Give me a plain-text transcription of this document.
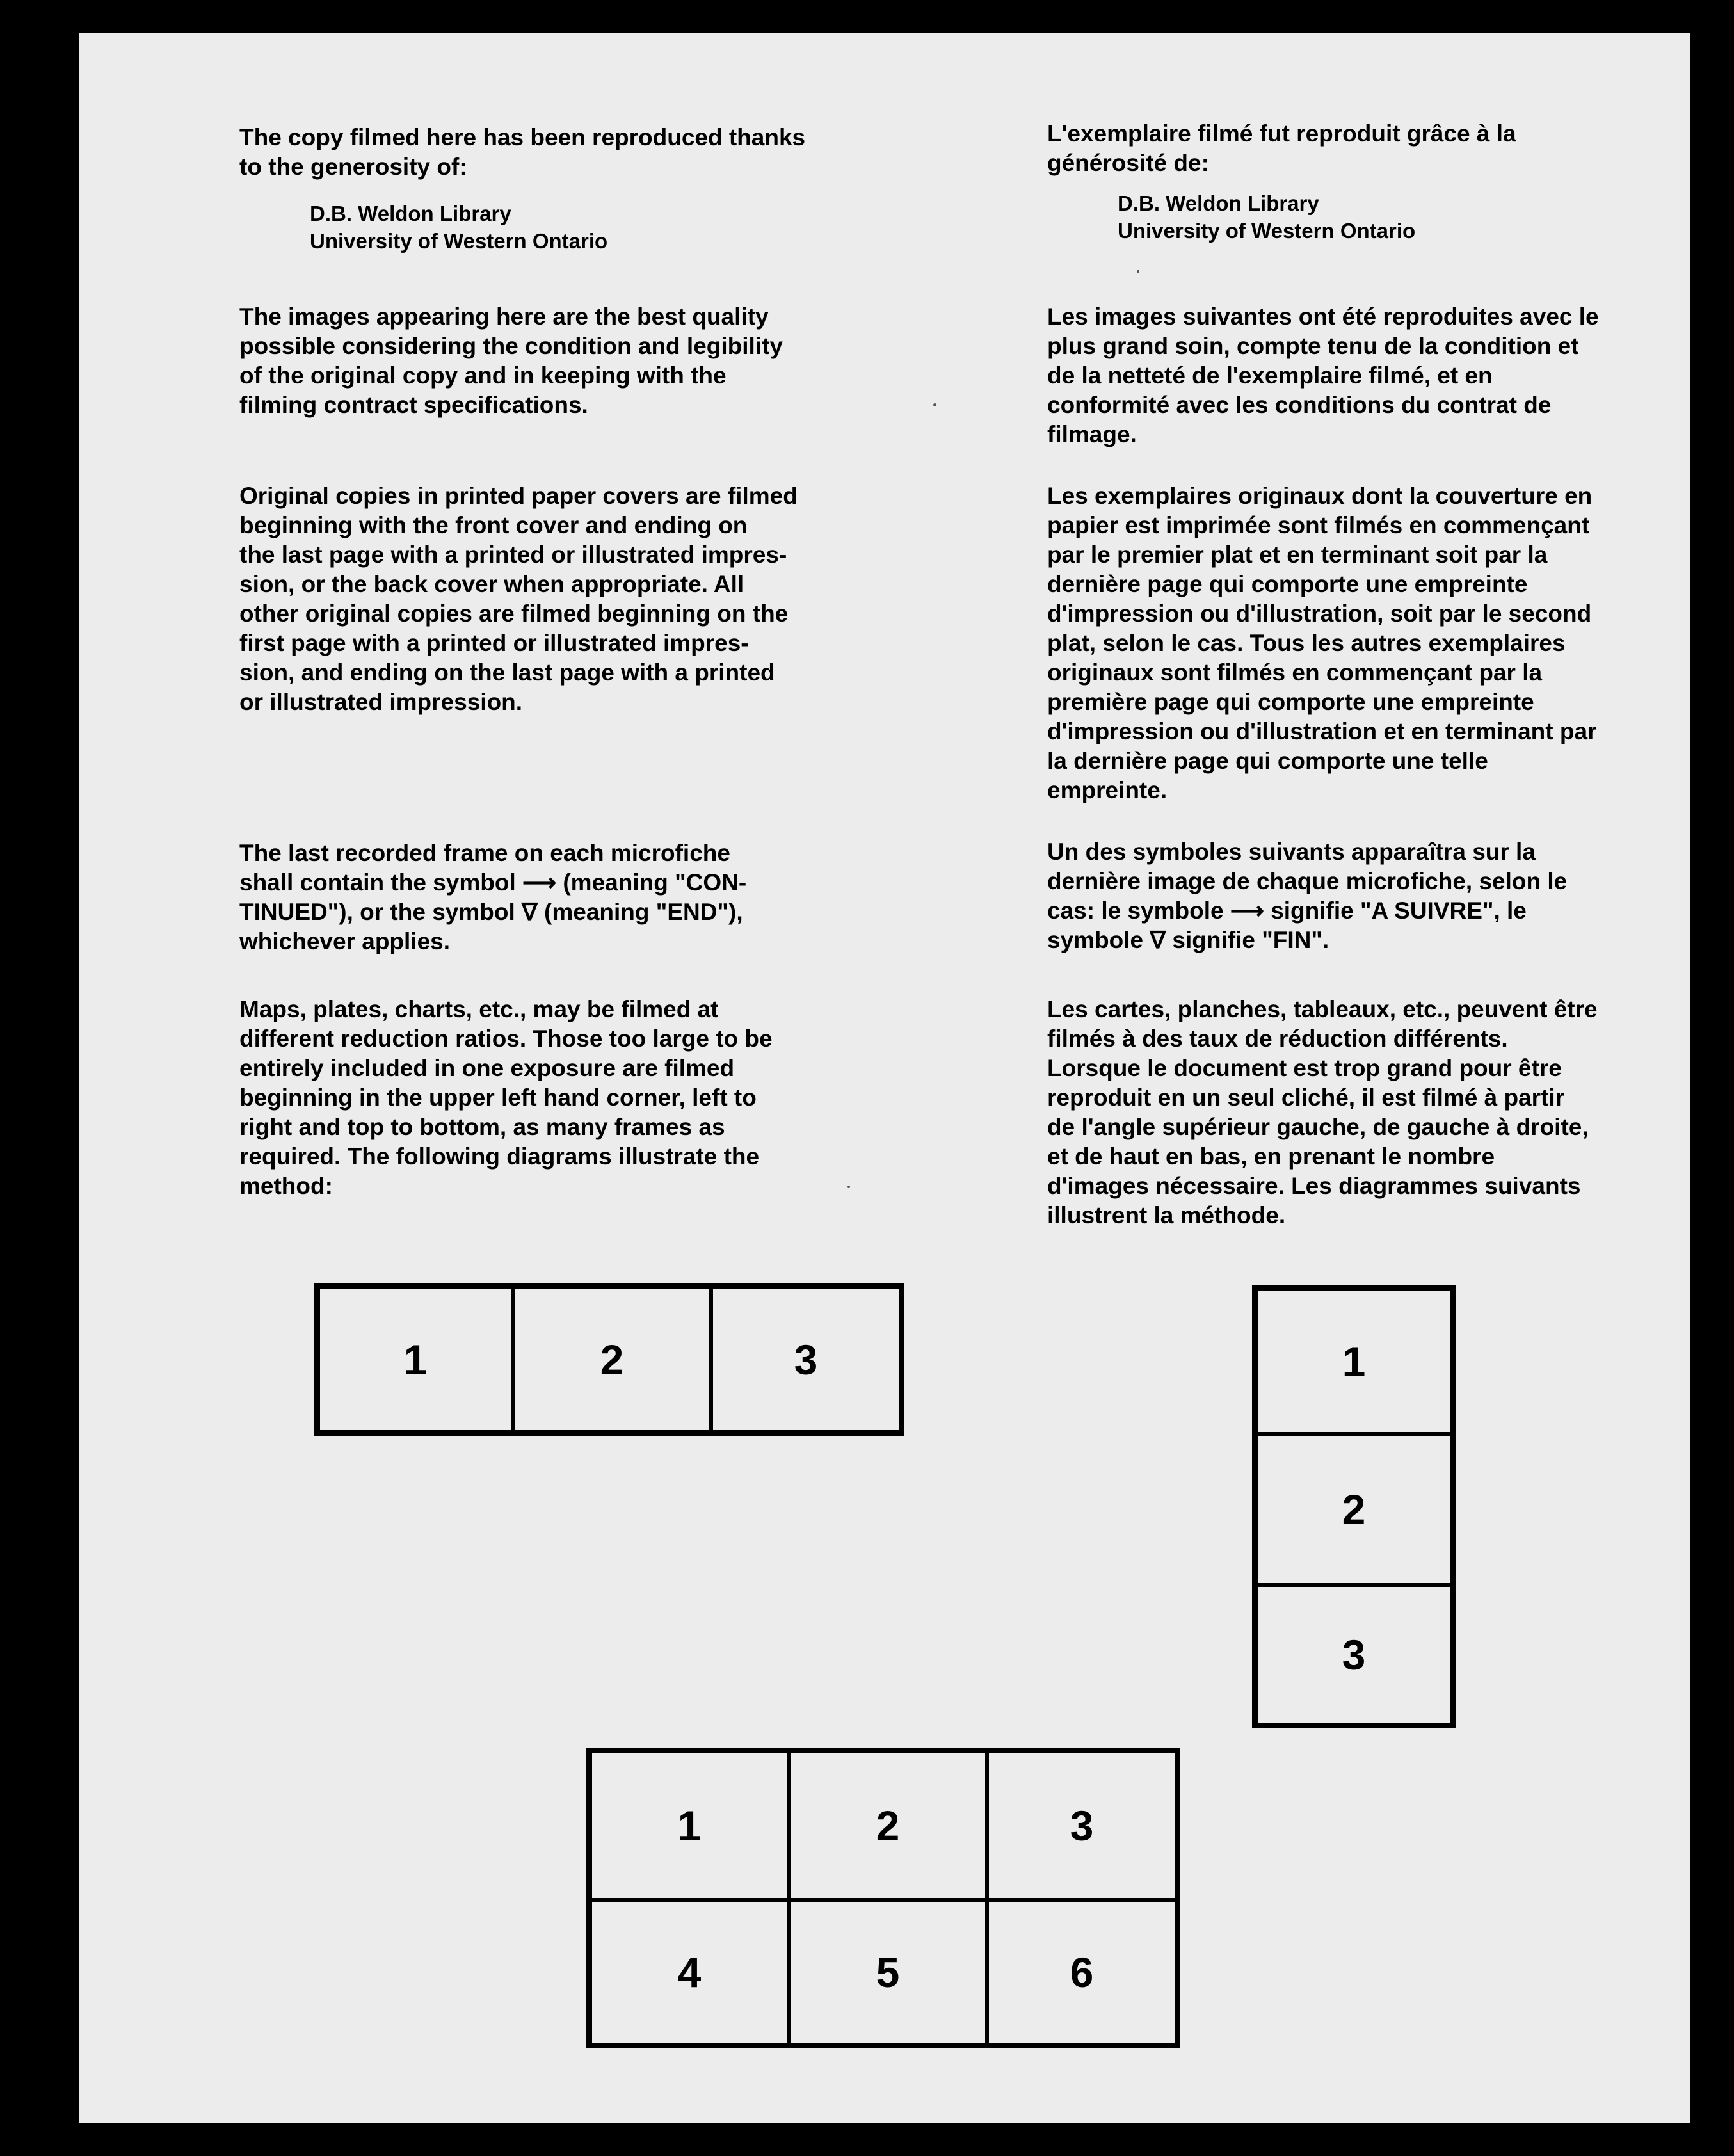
The copy filmed here has been reproduced thanks
to the generosity of:

D.B. Weldon Library
University of Western Ontario

The images appearing here are the best quality
possible considering the condition and legibility
of the original copy and in keeping with the
filming contract specifications.

Original copies in printed paper covers are filmed
beginning with the front cover and ending on
the last page with a printed or illustrated impres-
sion, or the back cover when appropriate. All
other original copies are filmed beginning on the
first page with a printed or illustrated impres-
sion, and ending on the last page with a printed
or illustrated impression.

The last recorded frame on each microfiche
shall contain the symbol ⟶ (meaning "CON-
TINUED"), or the symbol ∇ (meaning "END"),
whichever applies.

Maps, plates, charts, etc., may be filmed at
different reduction ratios. Those too large to be
entirely included in one exposure are filmed
beginning in the upper left hand corner, left to
right and top to bottom, as many frames as
required. The following diagrams illustrate the
method:

L'exemplaire filmé fut reproduit grâce à la
générosité de:

D.B. Weldon Library
University of Western Ontario

Les images suivantes ont été reproduites avec le
plus grand soin, compte tenu de la condition et
de la netteté de l'exemplaire filmé, et en
conformité avec les conditions du contrat de
filmage.

Les exemplaires originaux dont la couverture en
papier est imprimée sont filmés en commençant
par le premier plat et en terminant soit par la
dernière page qui comporte une empreinte
d'impression ou d'illustration, soit par le second
plat, selon le cas. Tous les autres exemplaires
originaux sont filmés en commençant par la
première page qui comporte une empreinte
d'impression ou d'illustration et en terminant par
la dernière page qui comporte une telle
empreinte.

Un des symboles suivants apparaîtra sur la
dernière image de chaque microfiche, selon le
cas: le symbole ⟶ signifie "A SUIVRE", le
symbole ∇ signifie "FIN".

Les cartes, planches, tableaux, etc., peuvent être
filmés à des taux de réduction différents.
Lorsque le document est trop grand pour être
reproduit en un seul cliché, il est filmé à partir
de l'angle supérieur gauche, de gauche à droite,
et de haut en bas, en prenant le nombre
d'images nécessaire. Les diagrammes suivants
illustrent la méthode.

1	2	3	1
2
3
1	2	3
4	5	6
